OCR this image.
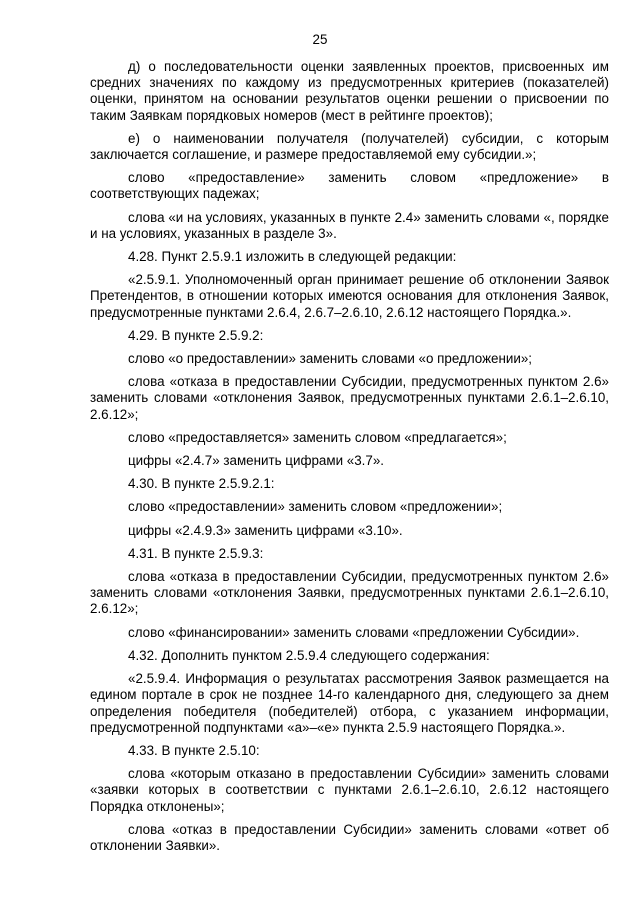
25

д) о последовательности оценки заявленных проектов, присвоенных им средних значениях по каждому из предусмотренных критериев (показателей) оценки, принятом на основании результатов оценки решении о присвоении по таким Заявкам порядковых номеров (мест в рейтинге проектов);

е) о наименовании получателя (получателей) субсидии, с которым заключается соглашение, и размере предоставляемой ему субсидии.»;

слово «предоставление» заменить словом «предложение» в соответствующих падежах;

слова «и на условиях, указанных в пункте 2.4» заменить словами «, порядке и на условиях, указанных в разделе 3».

4.28. Пункт 2.5.9.1 изложить в следующей редакции:

«2.5.9.1. Уполномоченный орган принимает решение об отклонении Заявок Претендентов, в отношении которых имеются основания для отклонения Заявок, предусмотренные пунктами 2.6.4, 2.6.7–2.6.10, 2.6.12 настоящего Порядка.».

4.29. В пункте 2.5.9.2:

слово «о предоставлении» заменить словами «о предложении»;

слова «отказа в предоставлении Субсидии, предусмотренных пунктом 2.6» заменить словами «отклонения Заявок, предусмотренных пунктами 2.6.1–2.6.10, 2.6.12»;

слово «предоставляется» заменить словом «предлагается»;

цифры «2.4.7» заменить цифрами «3.7».

4.30. В пункте 2.5.9.2.1:

слово «предоставлении» заменить словом «предложении»;

цифры «2.4.9.3» заменить цифрами «3.10».

4.31. В пункте 2.5.9.3:

слова «отказа в предоставлении Субсидии, предусмотренных пунктом 2.6» заменить словами «отклонения Заявки, предусмотренных пунктами 2.6.1–2.6.10, 2.6.12»;

слово «финансировании» заменить словами «предложении Субсидии».

4.32. Дополнить пунктом 2.5.9.4 следующего содержания:

«2.5.9.4. Информация о результатах рассмотрения Заявок размещается на едином портале в срок не позднее 14-го календарного дня, следующего за днем определения победителя (победителей) отбора, с указанием информации, предусмотренной подпунктами «а»–«е» пункта 2.5.9 настоящего Порядка.».

4.33. В пункте 2.5.10:

слова «которым отказано в предоставлении Субсидии» заменить словами «заявки которых в соответствии с пунктами 2.6.1–2.6.10, 2.6.12 настоящего Порядка отклонены»;

слова «отказ в предоставлении Субсидии» заменить словами «ответ об отклонении Заявки».
